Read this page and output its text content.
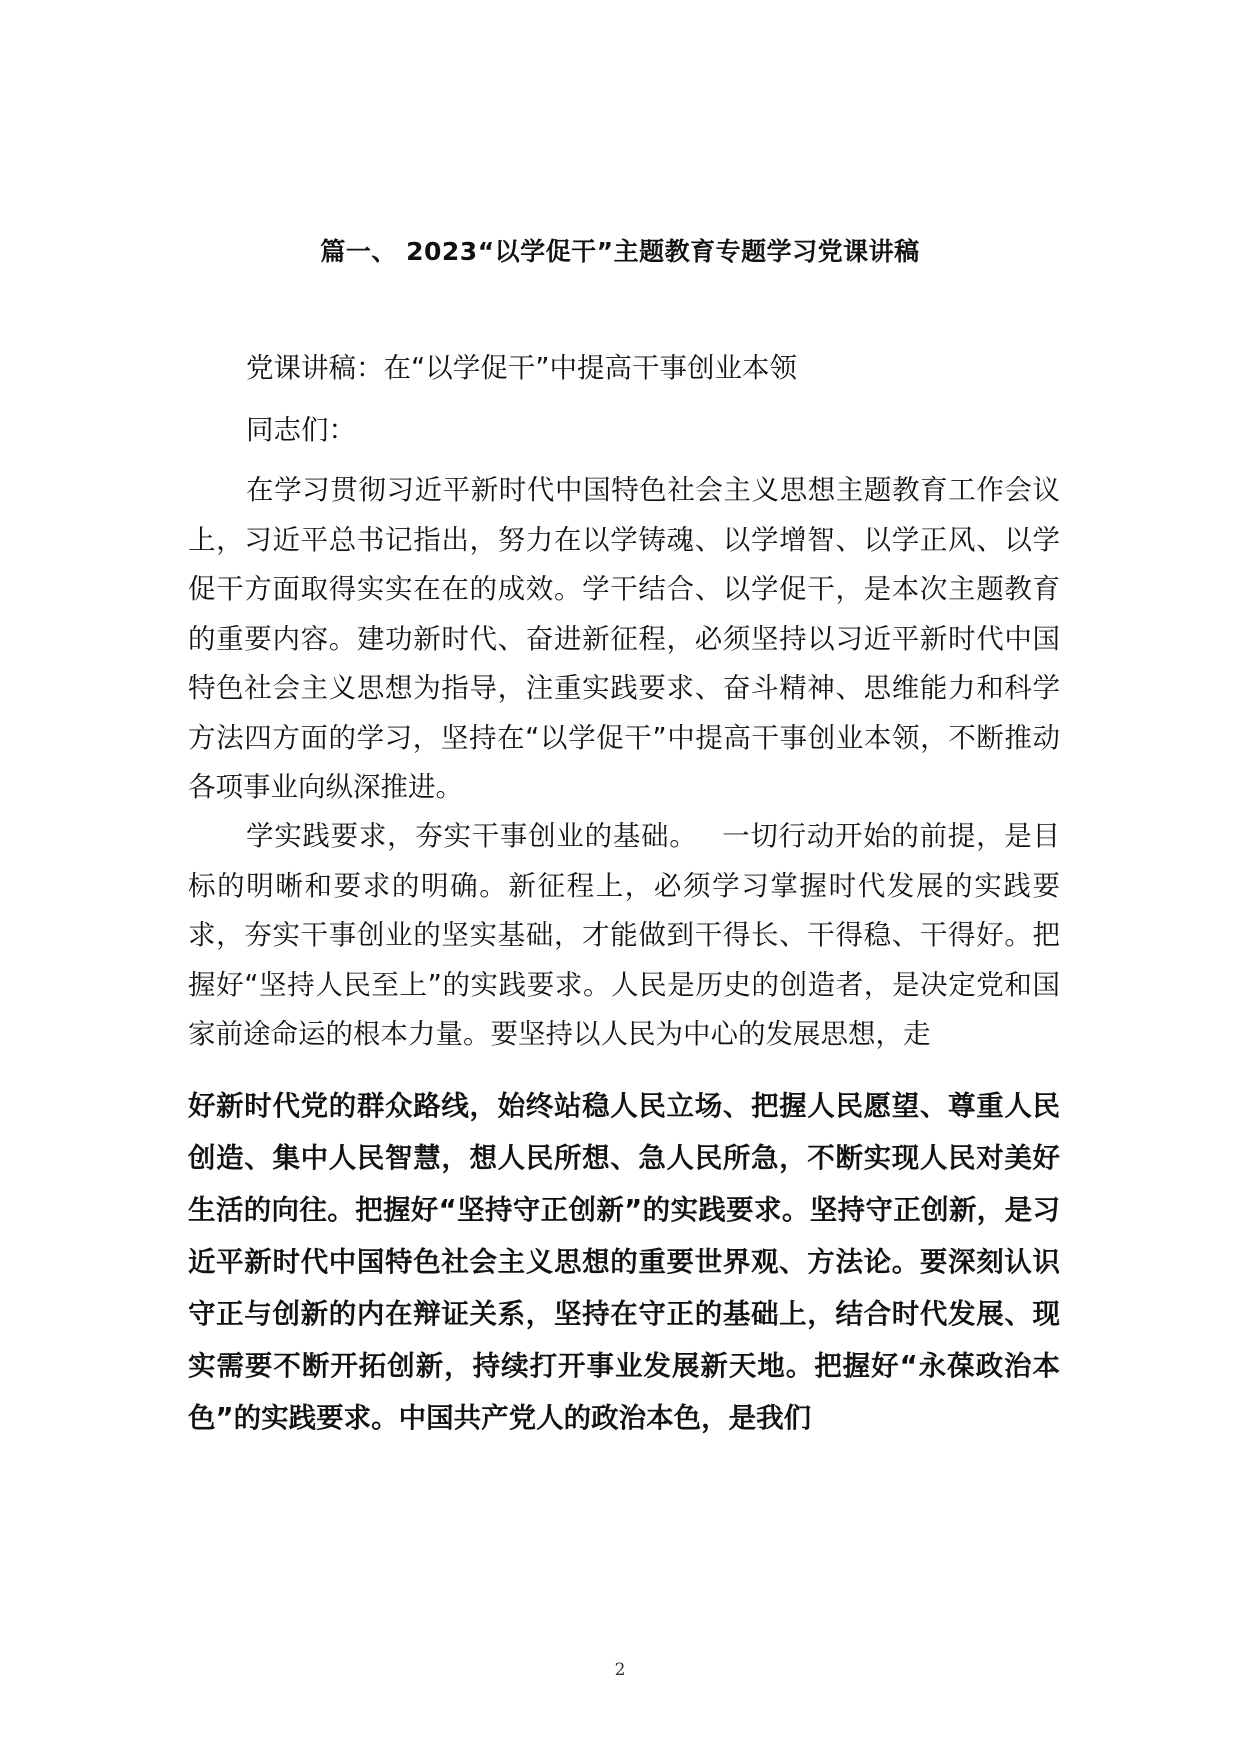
篇一、 2023“以学促干”主题教育专题学习党课讲稿

党课讲稿：在“以学促干”中提高干事创业本领

同志们：

在学习贯彻习近平新时代中国特色社会主义思想主题教育工作会议上，习近平总书记指出，努力在以学铸魂、以学增智、以学正风、以学促干方面取得实实在在的成效。学干结合、以学促干，是本次主题教育的重要内容。建功新时代、奋进新征程，必须坚持以习近平新时代中国特色社会主义思想为指导，注重实践要求、奋斗精神、思维能力和科学方法四方面的学习，坚持在“以学促干”中提高干事创业本领，不断推动各项事业向纵深推进。

学实践要求，夯实干事创业的基础。 一切行动开始的前提，是目标的明晰和要求的明确。新征程上，必须学习掌握时代发展的实践要求，夯实干事创业的坚实基础，才能做到干得长、干得稳、干得好。把握好“坚持人民至上”的实践要求。人民是历史的创造者，是决定党和国家前途命运的根本力量。要坚持以人民为中心的发展思想，走

好新时代党的群众路线，始终站稳人民立场、把握人民愿望、尊重人民创造、集中人民智慧，想人民所想、急人民所急，不断实现人民对美好生活的向往。把握好“坚持守正创新”的实践要求。坚持守正创新，是习近平新时代中国特色社会主义思想的重要世界观、方法论。要深刻认识守正与创新的内在辩证关系，坚持在守正的基础上，结合时代发展、现实需要不断开拓创新，持续打开事业发展新天地。把握好“永葆政治本色”的实践要求。中国共产党人的政治本色，是我们

2
